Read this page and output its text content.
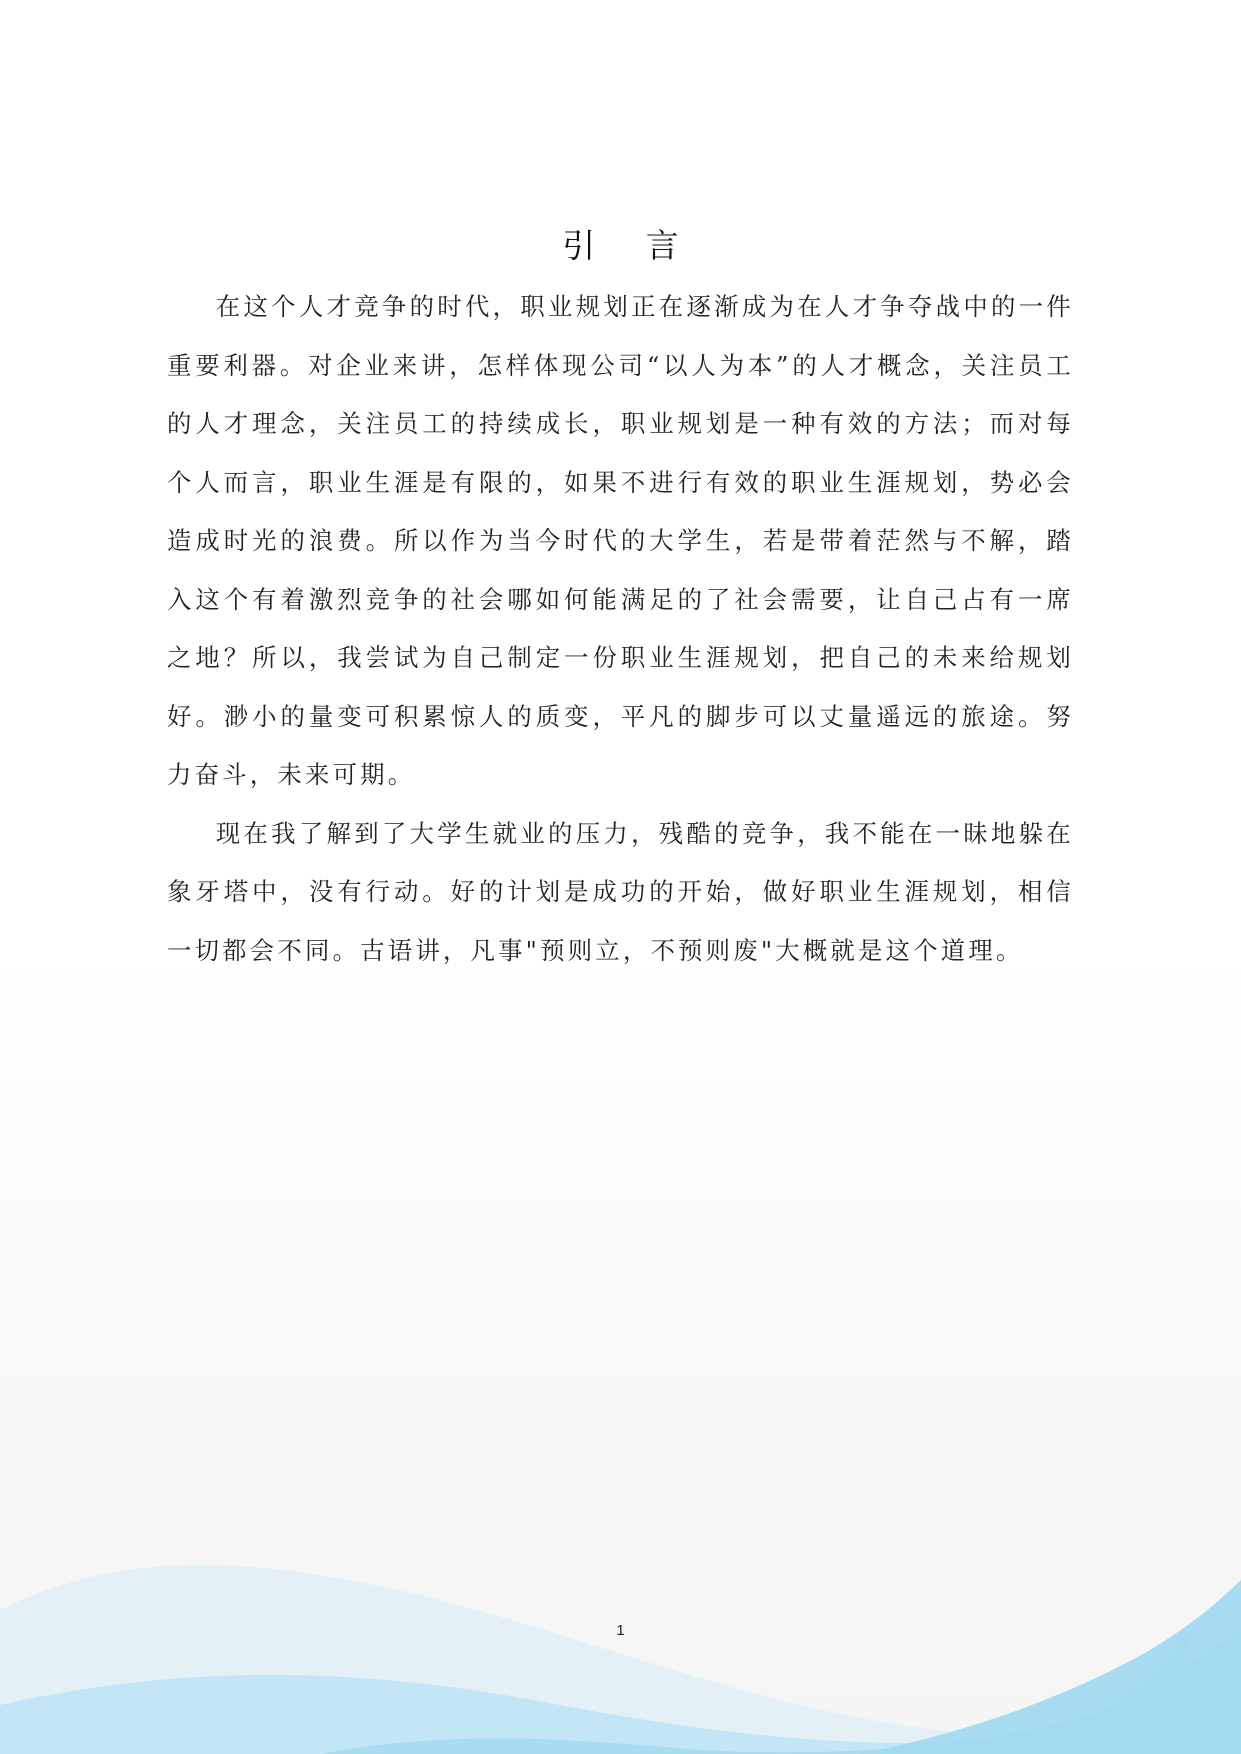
引 言

在这个人才竞争的时代，职业规划正在逐渐成为在人才争夺战中的一件重要利器。对企业来讲，怎样体现公司“以人为本”的人才概念，关注员工的人才理念，关注员工的持续成长，职业规划是一种有效的方法；而对每个人而言，职业生涯是有限的，如果不进行有效的职业生涯规划，势必会造成时光的浪费。所以作为当今时代的大学生，若是带着茫然与不解，踏入这个有着激烈竞争的社会哪如何能满足的了社会需要，让自己占有一席之地？所以，我尝试为自己制定一份职业生涯规划，把自己的未来给规划好。渺小的量变可积累惊人的质变，平凡的脚步可以丈量遥远的旅途。努力奋斗，未来可期。

现在我了解到了大学生就业的压力，残酷的竞争，我不能在一昧地躲在象牙塔中，没有行动。好的计划是成功的开始，做好职业生涯规划，相信一切都会不同。古语讲，凡事"预则立，不预则废"大概就是这个道理。

1
